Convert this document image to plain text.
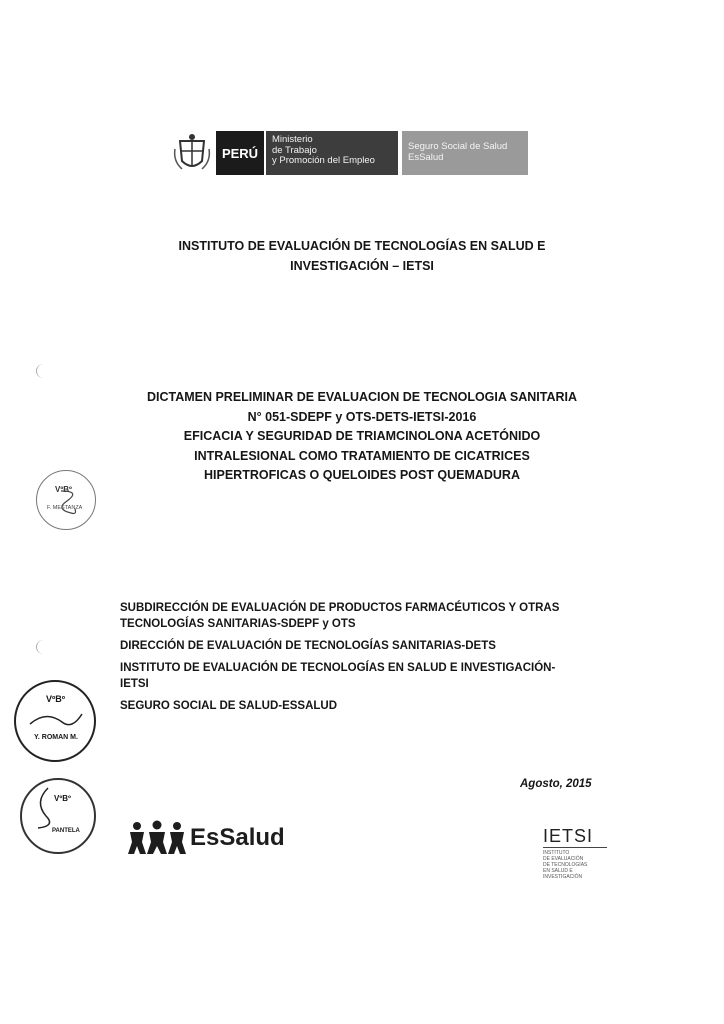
PERÚ
Ministerio
de Trabajo
y Promoción del Empleo
Seguro Social de Salud
EsSalud
INSTITUTO DE EVALUACIÓN DE TECNOLOGÍAS EN SALUD E
INVESTIGACIÓN – IETSI
DICTAMEN PRELIMINAR DE EVALUACION DE TECNOLOGIA SANITARIA
N° 051-SDEPF y OTS-DETS-IETSI-2016
EFICACIA Y SEGURIDAD DE TRIAMCINOLONA ACETÓNIDO
INTRALESIONAL COMO TRATAMIENTO DE CICATRICES
HIPERTROFICAS O QUELOIDES POST QUEMADURA
VºBº
F. MESTANZA
SUBDIRECCIÓN DE EVALUACIÓN DE PRODUCTOS FARMACÉUTICOS Y OTRAS
TECNOLOGÍAS SANITARIAS-SDEPF y OTS
DIRECCIÓN DE EVALUACIÓN DE TECNOLOGÍAS SANITARIAS-DETS
INSTITUTO DE EVALUACIÓN DE TECNOLOGÍAS EN SALUD E INVESTIGACIÓN-
IETSI
SEGURO SOCIAL DE SALUD-ESSALUD
VºBº
Y. ROMAN M.
Agosto, 2015
VºBº
PANTELA	EsSalud	IETSI
INSTITUTO
DE EVALUACIÓN
DE TECNOLOGÍAS
EN SALUD E
INVESTIGACIÓN
